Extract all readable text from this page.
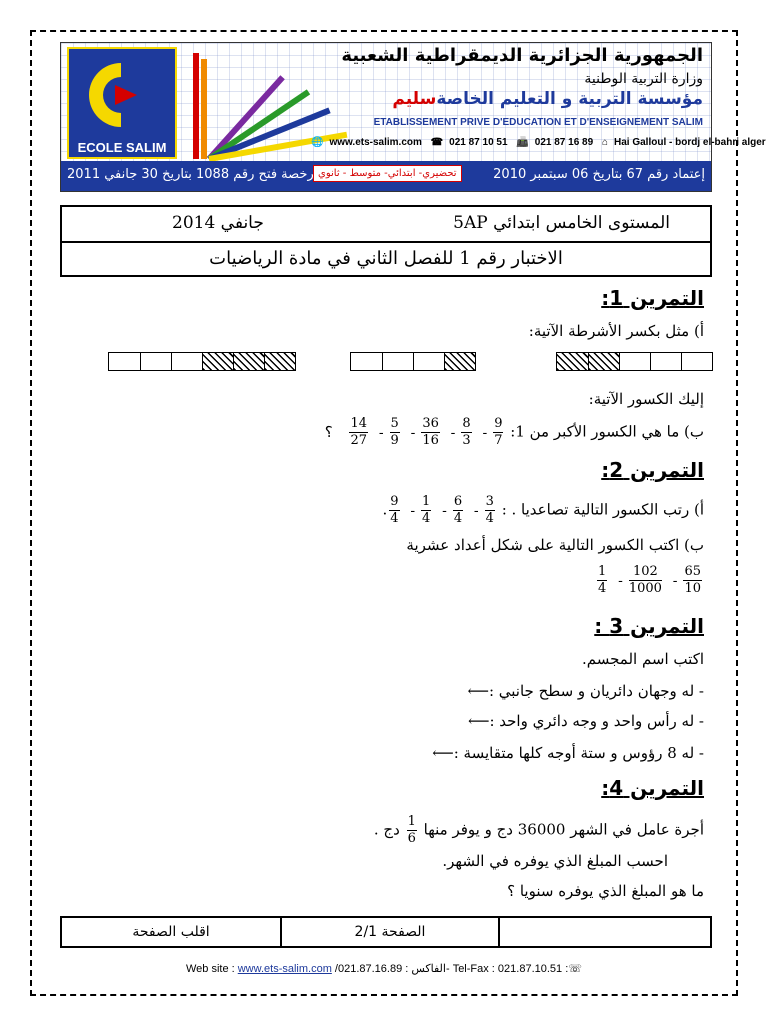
ECOLE SALIM
الجمهورية الجزائرية الديمقراطية الشعبية
وزارة التربية الوطنية
مؤسسة التربية و التعليم الخاصةسليم
ETABLISSEMENT PRIVE D'EDUCATION ET D'ENSEIGNEMENT SALIM
🌐 www.ets-salim.com ☎ 021 87 10 51 📠 021 87 16 89 ⌂ Hai Galloul - bordj el-bahri alger
إعتماد رقم 67 بتاريخ 06 سبتمبر 2010
تحضيري- ابتدائي- متوسط - ثانوي
رخصة فتح رقم 1088 بتاريخ 30 جانفي 2011
المستوى الخامس ابتدائي 5AP
جانفي 2014
الاختبار رقم 1 للفصل الثاني في مادة الرياضيات
التمرين 1:
أ) مثل بكسر الأشرطة الآتية:
إليك الكسور الآتية:
ب) ما هي الكسور الأكبر من 1:
$\frac{9}{7}$
-
$\frac{8}{3}$
-
$\frac{36}{16}$
-
$\frac{5}{9}$
-
$\frac{14}{27}$
؟
التمرين 2:
أ) رتب الكسور التالية تصاعديا . :
$\frac{3}{4}$
-
$\frac{6}{4}$
-
$\frac{1}{4}$
-
$\frac{9}{4}$
.
ب) اكتب الكسور التالية على شكل أعداد عشرية
$\frac{65}{10}$
-
$\frac{102}{1000}$
-
$\frac{1}{4}$
التمرين 3 :
اكتب اسم المجسم.
- له وجهان دائريان و سطح جانبي :⟵
- له رأس واحد و وجه دائري واحد :⟵
- له 8 رؤوس و ستة أوجه كلها متقايسة :⟵
التمرين 4:
أجرة عامل في الشهر 36000 دج و يوفر منها
$\frac{1}{6}$
دج .
احسب المبلغ الذي يوفره في الشهر.
ما هو المبلغ الذي يوفره سنويا ؟
اقلب الصفحة	الصفحة 2/1
Web site : www.ets-salim.com /021.87.16.89 : الفاكس- Tel-Fax : 021.87.10.51 :☏
